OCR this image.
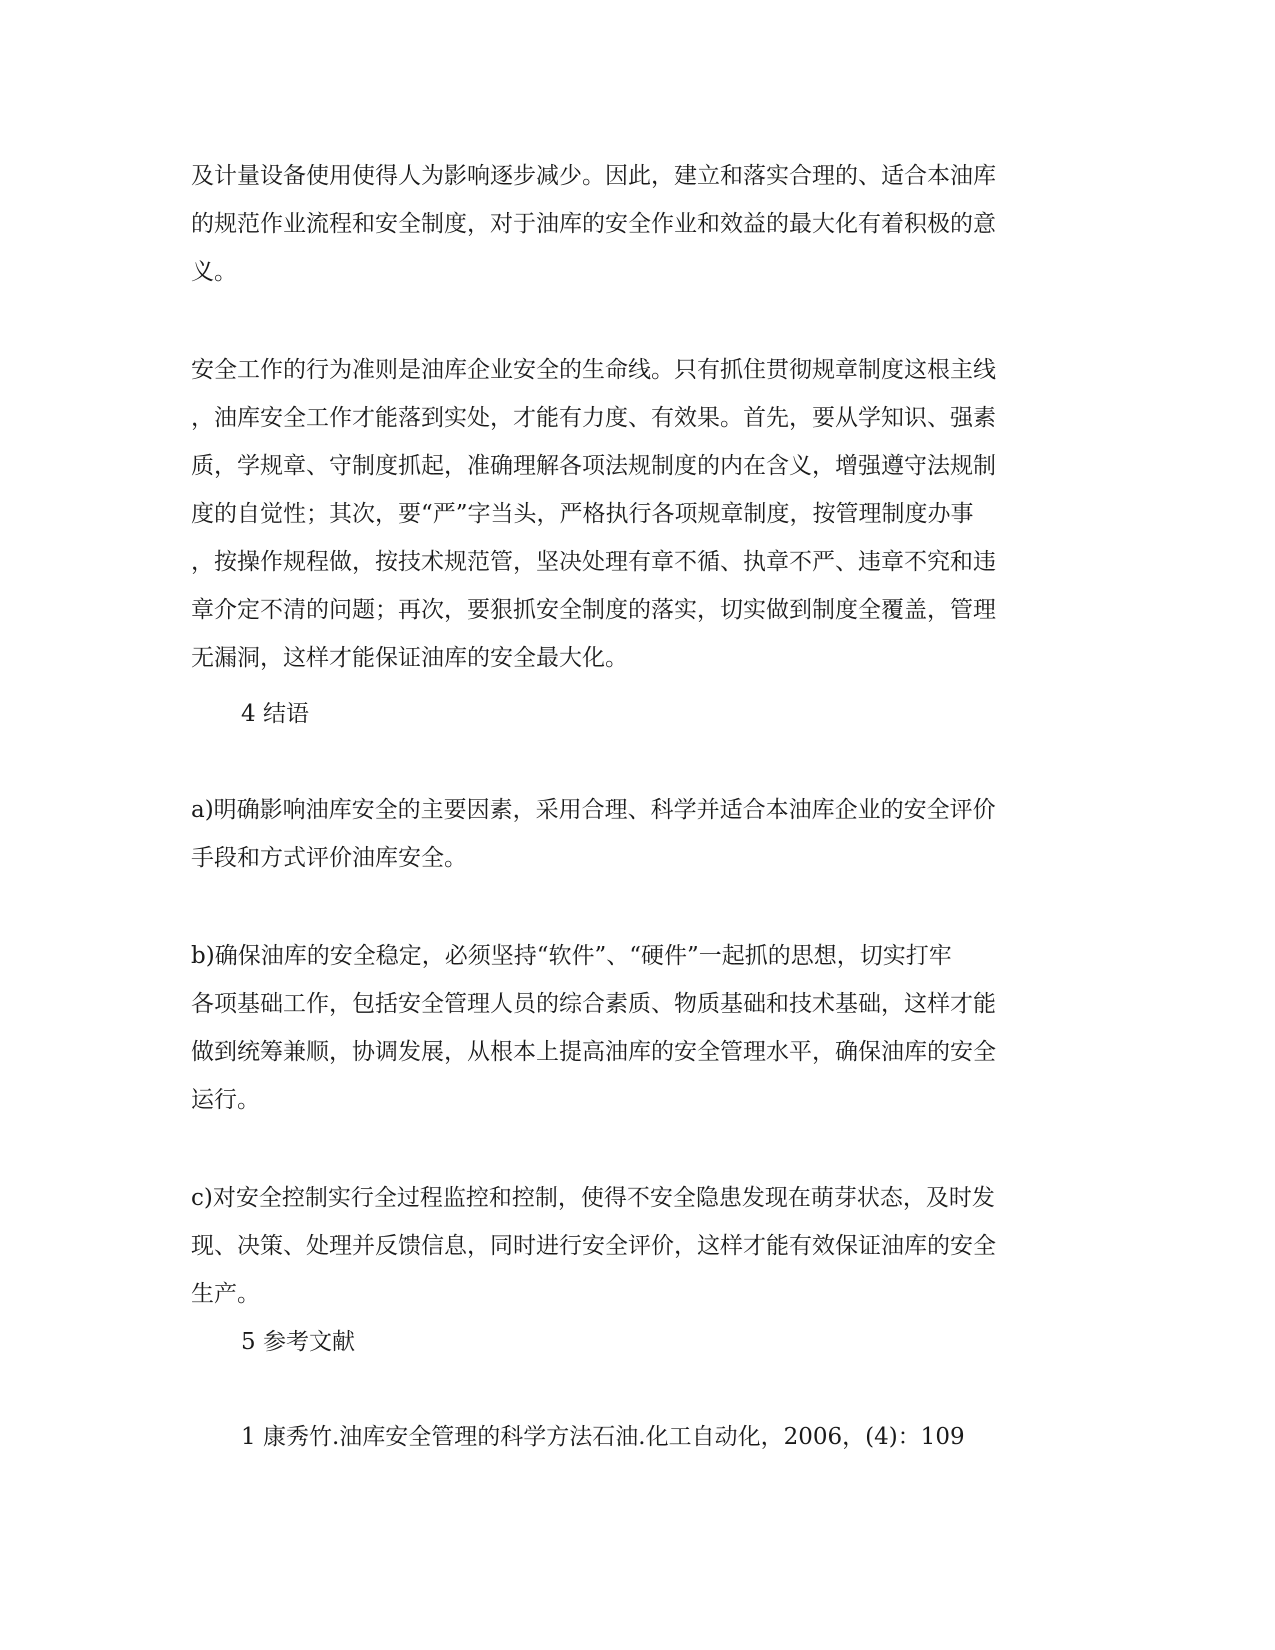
及计量设备使用使得人为影响逐步减少。因此，建立和落实合理的、适合本油库
的规范作业流程和安全制度，对于油库的安全作业和效益的最大化有着积极的意
义。

安全工作的行为准则是油库企业安全的生命线。只有抓住贯彻规章制度这根主线
，油库安全工作才能落到实处，才能有力度、有效果。首先，要从学知识、强素
质，学规章、守制度抓起，准确理解各项法规制度的内在含义，增强遵守法规制
度的自觉性；其次，要“严”字当头，严格执行各项规章制度，按管理制度办事
，按操作规程做，按技术规范管，坚决处理有章不循、执章不严、违章不究和违
章介定不清的问题；再次，要狠抓安全制度的落实，切实做到制度全覆盖，管理
无漏洞，这样才能保证油库的安全最大化。

4 结语

a)明确影响油库安全的主要因素，采用合理、科学并适合本油库企业的安全评价
手段和方式评价油库安全。

b)确保油库的安全稳定，必须坚持“软件”、“硬件”一起抓的思想，切实打牢
各项基础工作，包括安全管理人员的综合素质、物质基础和技术基础，这样才能
做到统筹兼顺，协调发展，从根本上提高油库的安全管理水平，确保油库的安全
运行。

c)对安全控制实行全过程监控和控制，使得不安全隐患发现在萌芽状态，及时发
现、决策、处理并反馈信息，同时进行安全评价，这样才能有效保证油库的安全
生产。

5 参考文献

1 康秀竹.油库安全管理的科学方法石油.化工自动化，2006，(4)：109
